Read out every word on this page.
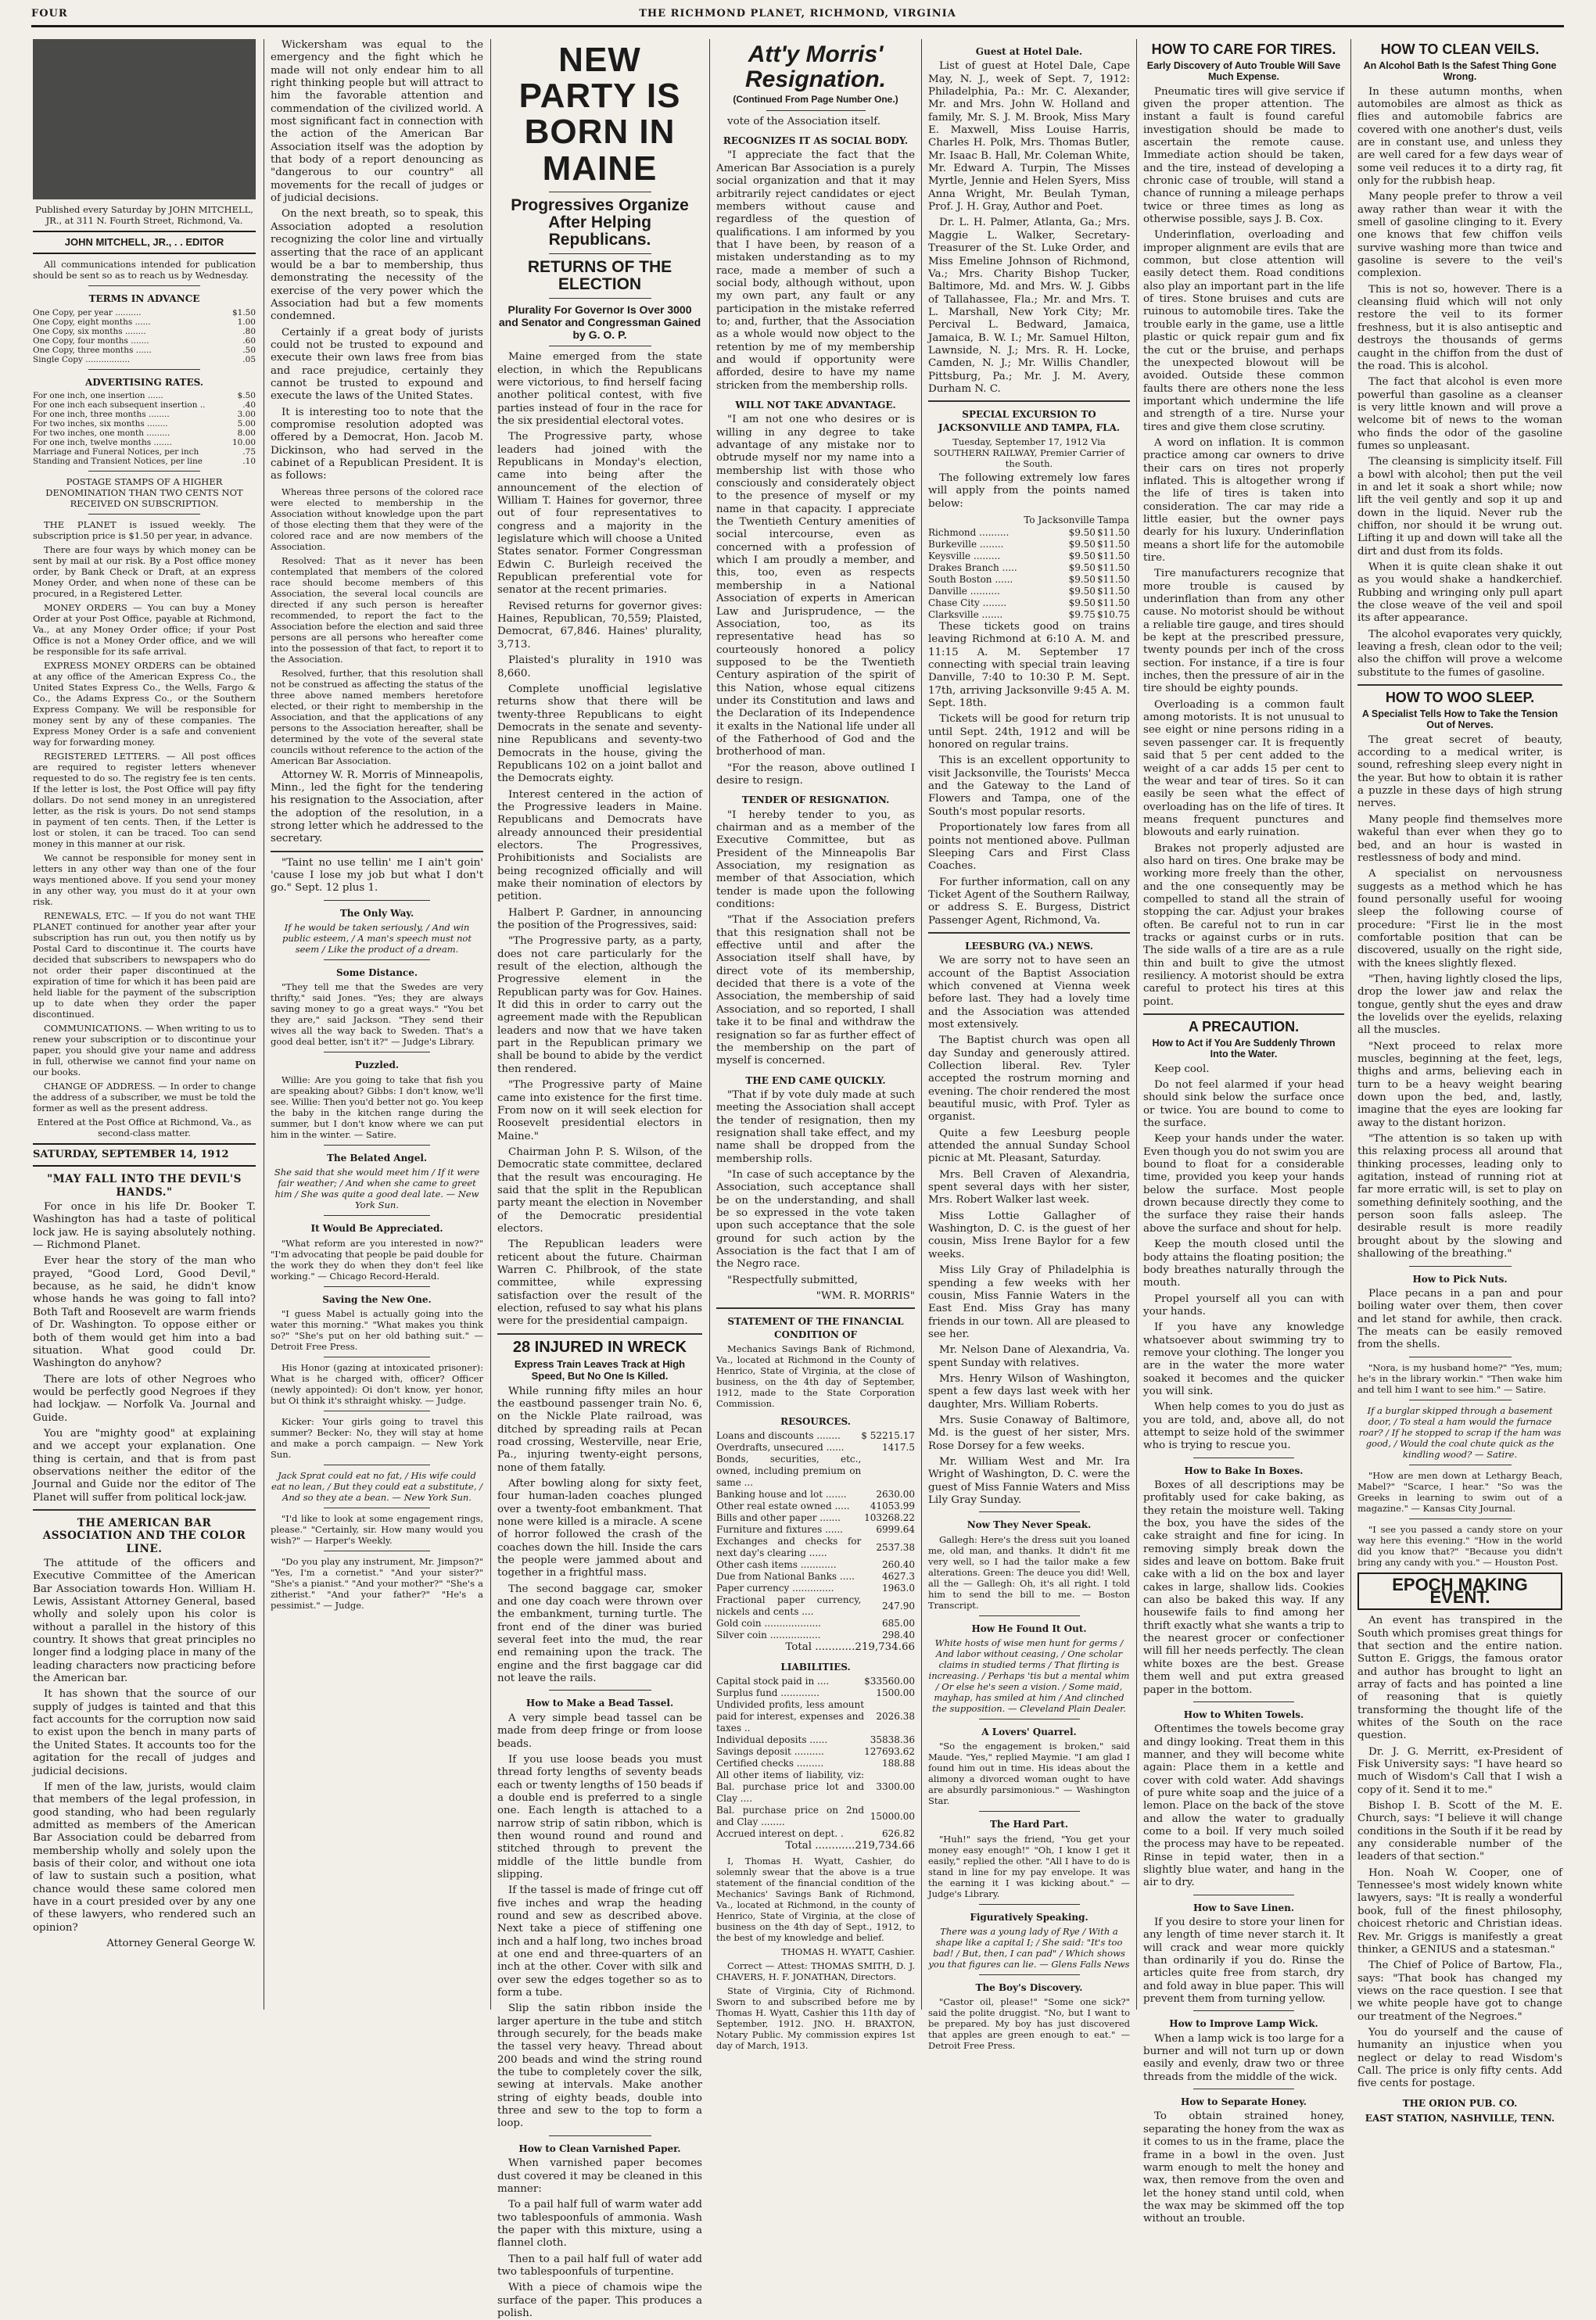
FOUR	THE RICHMOND PLANET, RICHMOND, VIRGINIA

Published every Saturday by JOHN MITCHELL, JR., at 311 N. Fourth Street, Richmond, Va.

JOHN MITCHELL, JR., . . EDITOR

All communications intended for publication should be sent so as to reach us by Wednesday.

TERMS IN ADVANCE
One Copy, per year ..........	$1.50
One Copy, eight months ......	1.00
One Copy, six months ........	.80
One Copy, four months .......	.60
One Copy, three months ......	.50
Single Copy .................	.05
ADVERTISING RATES.
For one inch, one insertion ......	$.50
For one inch each subsequent insertion ..	.40
For one inch, three months ........	3.00
For two inches, six months ........	5.00
For two inches, one month .........	8.00
For one inch, twelve months .......	10.00
Marriage and Funeral Notices, per inch	.75
Standing and Transient Notices, per line	.10

POSTAGE STAMPS OF A HIGHER DENOMINATION THAN TWO CENTS NOT RECEIVED ON SUBSCRIPTION.

THE PLANET is issued weekly. The subscription price is $1.50 per year, in advance.

There are four ways by which money can be sent by mail at our risk. By a Post office money order, by Bank Check or Draft, at an express Money Order, and when none of these can be procured, in a Registered Letter.

MONEY ORDERS — You can buy a Money Order at your Post Office, payable at Richmond, Va., at any Money Order office; if your Post Office is not a Money Order office, and we will be responsible for its safe arrival.

EXPRESS MONEY ORDERS can be obtained at any office of the American Express Co., the United States Express Co., the Wells, Fargo & Co., the Adams Express Co., or the Southern Express Company. We will be responsible for money sent by any of these companies. The Express Money Order is a safe and convenient way for forwarding money.

REGISTERED LETTERS. — All post offices are required to register letters whenever requested to do so. The registry fee is ten cents. If the letter is lost, the Post Office will pay fifty dollars. Do not send money in an unregistered letter, as the risk is yours. Do not send stamps in payment of ten cents. Then, if the Letter is lost or stolen, it can be traced. Too can send money in this manner at our risk.

We cannot be responsible for money sent in letters in any other way than one of the four ways mentioned above. If you send your money in any other way, you must do it at your own risk.

RENEWALS, ETC. — If you do not want THE PLANET continued for another year after your subscription has run out, you then notify us by Postal Card to discontinue it. The courts have decided that subscribers to newspapers who do not order their paper discontinued at the expiration of time for which it has been paid are held liable for the payment of the subscription up to date when they order the paper discontinued.

COMMUNICATIONS. — When writing to us to renew your subscription or to discontinue your paper, you should give your name and address in full, otherwise we cannot find your name on our books.

CHANGE OF ADDRESS. — In order to change the address of a subscriber, we must be told the former as well as the present address.

Entered at the Post Office at Richmond, Va., as second-class matter.

SATURDAY, SEPTEMBER 14, 1912
"MAY FALL INTO THE DEVIL'S HANDS."

For once in his life Dr. Booker T. Washington has had a taste of political lock jaw. He is saying absolutely nothing. — Richmond Planet.

Ever hear the story of the man who prayed, "Good Lord, Good Devil," because, as he said, he didn't know whose hands he was going to fall into? Both Taft and Roosevelt are warm friends of Dr. Washington. To oppose either or both of them would get him into a bad situation. What good could Dr. Washington do anyhow?

There are lots of other Negroes who would be perfectly good Negroes if they had lockjaw. — Norfolk Va. Journal and Guide.

You are "mighty good" at explaining and we accept your explanation. One thing is certain, and that is from past observations neither the editor of the Journal and Guide nor the editor of The Planet will suffer from political lock-jaw.

THE AMERICAN BAR ASSOCIATION AND THE COLOR LINE.

The attitude of the officers and Executive Committee of the American Bar Association towards Hon. William H. Lewis, Assistant Attorney General, based wholly and solely upon his color is without a parallel in the history of this country. It shows that great principles no longer find a lodging place in many of the leading characters now practicing before the American bar.

It has shown that the source of our supply of judges is tainted and that this fact accounts for the corruption now said to exist upon the bench in many parts of the United States. It accounts too for the agitation for the recall of judges and judicial decisions.

If men of the law, jurists, would claim that members of the legal profession, in good standing, who had been regularly admitted as members of the American Bar Association could be debarred from membership wholly and solely upon the basis of their color, and without one iota of law to sustain such a position, what chance would these same colored men have in a court presided over by any one of these lawyers, who rendered such an opinion?

Attorney General George W.

Wickersham was equal to the emergency and the fight which he made will not only endear him to all right thinking people but will attract to him the favorable attention and commendation of the civilized world. A most significant fact in connection with the action of the American Bar Association itself was the adoption by that body of a report denouncing as "dangerous to our country" all movements for the recall of judges or of judicial decisions.

On the next breath, so to speak, this Association adopted a resolution recognizing the color line and virtually asserting that the race of an applicant would be a bar to membership, thus demonstrating the necessity of the exercise of the very power which the Association had but a few moments condemned.

Certainly if a great body of jurists could not be trusted to expound and execute their own laws free from bias and race prejudice, certainly they cannot be trusted to expound and execute the laws of the United States.

It is interesting too to note that the compromise resolution adopted was offered by a Democrat, Hon. Jacob M. Dickinson, who had served in the cabinet of a Republican President. It is as follows:

Whereas three persons of the colored race were elected to membership in the Association without knowledge upon the part of those electing them that they were of the colored race and are now members of the Association.

Resolved: That as it never has been contemplated that members of the colored race should become members of this Association, the several local councils are directed if any such person is hereafter recommended, to report the fact to the Association before the election and said three persons are all persons who hereafter come into the possession of that fact, to report it to the Association.

Resolved, further, that this resolution shall not be construed as affecting the status of the three above named members heretofore elected, or their right to membership in the Association, and that the applications of any persons to the Association hereafter, shall be determined by the vote of the several state councils without reference to the action of the American Bar Association.

Attorney W. R. Morris of Minneapolis, Minn., led the fight for the tendering his resignation to the Association, after the adoption of the resolution, in a strong letter which he addressed to the secretary.

"Taint no use tellin' me I ain't goin' 'cause I lose my job but what I don't go." Sept. 12 plus 1.

The Only Way.

If he would be taken seriously, / And win public esteem, / A man's speech must not seem / Like the product of a dream.

Some Distance.

"They tell me that the Swedes are very thrifty," said Jones. "Yes; they are always saving money to go a great ways." "You bet they are," said Jackson. "They send their wives all the way back to Sweden. That's a good deal better, isn't it?" — Judge's Library.

Puzzled.

Willie: Are you going to take that fish you are speaking about? Gibbs: I don't know, we'll see. Willie: Then you'd better not go. You keep the baby in the kitchen range during the summer, but I don't know where we can put him in the winter. — Satire.

The Belated Angel.

She said that she would meet him / If it were fair weather; / And when she came to greet him / She was quite a good deal late. — New York Sun.

It Would Be Appreciated.

"What reform are you interested in now?" "I'm advocating that people be paid double for the work they do when they don't feel like working." — Chicago Record-Herald.

Saving the New One.

"I guess Mabel is actually going into the water this morning." "What makes you think so?" "She's put on her old bathing suit." — Detroit Free Press.

His Honor (gazing at intoxicated prisoner): What is he charged with, officer? Officer (newly appointed): Oi don't know, yer honor, but Oi think it's sthraight whisky. — Judge.

Kicker: Your girls going to travel this summer? Becker: No, they will stay at home and make a porch campaign. — New York Sun.

Jack Sprat could eat no fat, / His wife could eat no lean, / But they could eat a substitute, / And so they ate a bean. — New York Sun.

"I'd like to look at some engagement rings, please." "Certainly, sir. How many would you wish?" — Harper's Weekly.

"Do you play any instrument, Mr. Jimpson?" "Yes, I'm a cornetist." "And your sister?" "She's a pianist." "And your mother?" "She's a zitherist." "And your father?" "He's a pessimist." — Judge.

NEW PARTY IS BORN IN MAINE
Progressives Organize After Helping Republicans.
RETURNS OF THE ELECTION
Plurality For Governor Is Over 3000 and Senator and Congressman Gained by G. O. P.

Maine emerged from the state election, in which the Republicans were victorious, to find herself facing another political contest, with five parties instead of four in the race for the six presidential electoral votes.

The Progressive party, whose leaders had joined with the Republicans in Monday's election, came into being after the announcement of the election of William T. Haines for governor, three out of four representatives to congress and a majority in the legislature which will choose a United States senator. Former Congressman Edwin C. Burleigh received the Republican preferential vote for senator at the recent primaries.

Revised returns for governor gives: Haines, Republican, 70,559; Plaisted, Democrat, 67,846. Haines' plurality, 3,713.

Plaisted's plurality in 1910 was 8,660.

Complete unofficial legislative returns show that there will be twenty-three Republicans to eight Democrats in the senate and seventy-nine Republicans and seventy-two Democrats in the house, giving the Republicans 102 on a joint ballot and the Democrats eighty.

Interest centered in the action of the Progressive leaders in Maine. Republicans and Democrats have already announced their presidential electors. The Progressives, Prohibitionists and Socialists are being recognized officially and will make their nomination of electors by petition.

Halbert P. Gardner, in announcing the position of the Progressives, said:

"The Progressive party, as a party, does not care particularly for the result of the election, although the Progressive element in the Republican party was for Gov. Haines. It did this in order to carry out the agreement made with the Republican leaders and now that we have taken part in the Republican primary we shall be bound to abide by the verdict then rendered.

"The Progressive party of Maine came into existence for the first time. From now on it will seek election for Roosevelt presidential electors in Maine."

Chairman John P. S. Wilson, of the Democratic state committee, declared that the result was encouraging. He said that the split in the Republican party meant the election in November of the Democratic presidential electors.

The Republican leaders were reticent about the future. Chairman Warren C. Philbrook, of the state committee, while expressing satisfaction over the result of the election, refused to say what his plans were for the presidential campaign.

28 INJURED IN WRECK
Express Train Leaves Track at High Speed, But No One Is Killed.

While running fifty miles an hour the eastbound passenger train No. 6, on the Nickle Plate railroad, was ditched by spreading rails at Pecan road crossing, Westerville, near Erie, Pa., injuring twenty-eight persons, none of them fatally.

After bowling along for sixty feet, four human-laden coaches plunged over a twenty-foot embankment. That none were killed is a miracle. A scene of horror followed the crash of the coaches down the hill. Inside the cars the people were jammed about and together in a frightful mass.

The second baggage car, smoker and one day coach were thrown over the embankment, turning turtle. The front end of the diner was buried several feet into the mud, the rear end remaining upon the track. The engine and the first baggage car did not leave the rails.

How to Make a Bead Tassel.

A very simple bead tassel can be made from deep fringe or from loose beads.

If you use loose beads you must thread forty lengths of seventy beads each or twenty lengths of 150 beads if a double end is preferred to a single one. Each length is attached to a narrow strip of satin ribbon, which is then wound round and round and stitched through to prevent the middle of the little bundle from slipping.

If the tassel is made of fringe cut off five inches and wrap the heading round and sew as described above. Next take a piece of stiffening one inch and a half long, two inches broad at one end and three-quarters of an inch at the other. Cover with silk and over sew the edges together so as to form a tube.

Slip the satin ribbon inside the larger aperture in the tube and stitch through securely, for the beads make the tassel very heavy. Thread about 200 beads and wind the string round the tube to completely cover the silk, sewing at intervals. Make another string of eighty beads, double into three and sew to the top to form a loop.

How to Clean Varnished Paper.

When varnished paper becomes dust covered it may be cleaned in this manner:

To a pail half full of warm water add two tablespoonfuls of ammonia. Wash the paper with this mixture, using a flannel cloth.

Then to a pail half full of water add two tablespoonfuls of turpentine.

With a piece of chamois wipe the surface of the paper. This produces a polish.

Att'y Morris' Resignation.
(Continued From Page Number One.)

vote of the Association itself.

RECOGNIZES IT AS SOCIAL BODY.

"I appreciate the fact that the American Bar Association is a purely social organization and that it may arbitrarily reject candidates or eject members without cause and regardless of the question of qualifications. I am informed by you that I have been, by reason of a mistaken understanding as to my race, made a member of such a social body, although without, upon my own part, any fault or any participation in the mistake referred to; and, further, that the Association as a whole would now object to the retention by me of my membership and would if opportunity were afforded, desire to have my name stricken from the membership rolls.

WILL NOT TAKE ADVANTAGE.

"I am not one who desires or is willing in any degree to take advantage of any mistake nor to obtrude myself nor my name into a membership list with those who consciously and considerately object to the presence of myself or my name in that capacity. I appreciate the Twentieth Century amenities of social intercourse, even as concerned with a profession of which I am proudly a member, and this, too, even as respects membership in a National Association of experts in American Law and Jurisprudence, — the Association, too, as its representative head has so courteously honored a policy supposed to be the Twentieth Century aspiration of the spirit of this Nation, whose equal citizens under its Constitution and laws and the Declaration of its Independence it exalts in the National life under all of the Fatherhood of God and the brotherhood of man.

"For the reason, above outlined I desire to resign.

TENDER OF RESIGNATION.

"I hereby tender to you, as chairman and as a member of the Executive Committee, but as President of the Minneapolis Bar Association, my resignation as member of that Association, which tender is made upon the following conditions:

"That if the Association prefers that this resignation shall not be effective until and after the Association itself shall have, by direct vote of its membership, decided that there is a vote of the Association, the membership of said Association, and so reported, I shall take it to be final and withdraw the resignation so far as further effect of the membership on the part of myself is concerned.

THE END CAME QUICKLY.

"That if by vote duly made at such meeting the Association shall accept the tender of resignation, then my resignation shall take effect, and my name shall be dropped from the membership rolls.

"In case of such acceptance by the Association, such acceptance shall be on the understanding, and shall be so expressed in the vote taken upon such acceptance that the sole ground for such action by the Association is the fact that I am of the Negro race.

"Respectfully submitted,

"WM. R. MORRIS"

STATEMENT OF THE FINANCIAL CONDITION OF

Mechanics Savings Bank of Richmond, Va., located at Richmond in the County of Henrico, State of Virginia, at the close of business, on the 4th day of September, 1912, made to the State Corporation Commission.

RESOURCES.
Loans and discounts ........	$ 52215.17
Overdrafts, unsecured ......	1417.5
Bonds, securities, etc., owned, including premium on same ...	
Banking house and lot .......	2630.00
Other real estate owned .....	41053.99
Bills and other paper .......	103268.22
Furniture and fixtures ......	6999.64
Exchanges and checks for next day's clearing ......	2537.38
Other cash items ............	260.40
Due from National Banks .....	4627.3
Paper currency ..............	1963.0
Fractional paper currency, nickels and cents ....	247.90
Gold coin ...................	685.00
Silver coin .................	298.40

Total ............219,734.66

LIABILITIES.
Capital stock paid in ....	$33560.00
Surplus fund .............	1500.00
Undivided profits, less amount paid for interest, expenses and taxes ..	2026.38
Individual deposits ......	35838.36
Savings deposit ..........	127693.62
Certified checks .........	188.88
All other items of liability, viz: Bal. purchase price lot and Clay ....	3300.00
Bal. purchase price on 2nd and Clay ........	15000.00
Accrued interest on dept. .	626.82

Total ............219,734.66

I, Thomas H. Wyatt, Cashier, do solemnly swear that the above is a true statement of the financial condition of the Mechanics' Savings Bank of Richmond, Va., located at Richmond, in the county of Henrico, State of Virginia, at the close of business on the 4th day of Sept., 1912, to the best of my knowledge and belief.

THOMAS H. WYATT, Cashier.

Correct — Attest: THOMAS SMITH, D. J. CHAVERS, H. F. JONATHAN, Directors.

State of Virginia, City of Richmond. Sworn to and subscribed before me by Thomas H. Wyatt, Cashier this 11th day of September, 1912. JNO. H. BRAXTON, Notary Public. My commission expires 1st day of March, 1913.

Guest at Hotel Dale.

List of guest at Hotel Dale, Cape May, N. J., week of Sept. 7, 1912: Philadelphia, Pa.: Mr. C. Alexander, Mr. and Mrs. John W. Holland and family, Mr. S. J. M. Brook, Miss Mary E. Maxwell, Miss Louise Harris, Charles H. Polk, Mrs. Thomas Butler, Mr. Isaac B. Hall, Mr. Coleman White, Mr. Edward A. Turpin, The Misses Myrtle, Jennie and Helen Syers, Miss Anna Wright, Mr. Beulah Tyman, Prof. J. H. Gray, Author and Poet.

Dr. L. H. Palmer, Atlanta, Ga.; Mrs. Maggie L. Walker, Secretary-Treasurer of the St. Luke Order, and Miss Emeline Johnson of Richmond, Va.; Mrs. Charity Bishop Tucker, Baltimore, Md. and Mrs. W. J. Gibbs of Tallahassee, Fla.; Mr. and Mrs. T. L. Marshall, New York City; Mr. Percival L. Bedward, Jamaica, Jamaica, B. W. I.; Mr. Samuel Hilton, Lawnside, N. J.; Mrs. R. H. Locke, Camden, N. J.; Mr. Willis Chandler, Pittsburg, Pa.; Mr. J. M. Avery, Durham N. C.

SPECIAL EXCURSION TO JACKSONVILLE AND TAMPA, FLA.

Tuesday, September 17, 1912 Via SOUTHERN RAILWAY, Premier Carrier of the South.

The following extremely low fares will apply from the points named below:

	To Jacksonville	Tampa
Richmond ..........	$9.50	$11.50
Burkeville ........	$9.50	$11.50
Keysville .........	$9.50	$11.50
Drakes Branch .....	$9.50	$11.50
South Boston ......	$9.50	$11.50
Danville ..........	$9.50	$11.50
Chase City ........	$9.50	$11.50
Clarksville .......	$9.75	$10.75

These tickets good on trains leaving Richmond at 6:10 A. M. and 11:15 A. M. September 17 connecting with special train leaving Danville, 7:40 to 10:30 P. M. Sept. 17th, arriving Jacksonville 9:45 A. M. Sept. 18th.

Tickets will be good for return trip until Sept. 24th, 1912 and will be honored on regular trains.

This is an excellent opportunity to visit Jacksonville, the Tourists' Mecca and the Gateway to the Land of Flowers and Tampa, one of the South's most popular resorts.

Proportionately low fares from all points not mentioned above. Pullman Sleeping Cars and First Class Coaches.

For further information, call on any Ticket Agent of the Southern Railway, or address S. E. Burgess, District Passenger Agent, Richmond, Va.

LEESBURG (VA.) NEWS.

We are sorry not to have seen an account of the Baptist Association which convened at Vienna week before last. They had a lovely time and the Association was attended most extensively.

The Baptist church was open all day Sunday and generously attired. Collection liberal. Rev. Tyler accepted the rostrum morning and evening. The choir rendered the most beautiful music, with Prof. Tyler as organist.

Quite a few Leesburg people attended the annual Sunday School picnic at Mt. Pleasant, Saturday.

Mrs. Bell Craven of Alexandria, spent several days with her sister, Mrs. Robert Walker last week.

Miss Lottie Gallagher of Washington, D. C. is the guest of her cousin, Miss Irene Baylor for a few weeks.

Miss Lily Gray of Philadelphia is spending a few weeks with her cousin, Miss Fannie Waters in the East End. Miss Gray has many friends in our town. All are pleased to see her.

Mr. Nelson Dane of Alexandria, Va. spent Sunday with relatives.

Mrs. Henry Wilson of Washington, spent a few days last week with her daughter, Mrs. William Roberts.

Mrs. Susie Conaway of Baltimore, Md. is the guest of her sister, Mrs. Rose Dorsey for a few weeks.

Mr. William West and Mr. Ira Wright of Washington, D. C. were the guest of Miss Fannie Waters and Miss Lily Gray Sunday.

Now They Never Speak.

Gallegh: Here's the dress suit you loaned me, old man, and thanks. It didn't fit me very well, so I had the tailor make a few alterations. Green: The deuce you did! Well, all the — Gallegh: Oh, it's all right. I told him to send the bill to me. — Boston Transcript.

How He Found It Out.

White hosts of wise men hunt for germs / And labor without ceasing, / One scholar claims in studied terms / That flirting is increasing. / Perhaps 'tis but a mental whim / Or else he's seen a vision. / Some maid, mayhap, has smiled at him / And clinched the supposition. — Cleveland Plain Dealer.

A Lovers' Quarrel.

"So the engagement is broken," said Maude. "Yes," replied Maymie. "I am glad I found him out in time. His ideas about the alimony a divorced woman ought to have are absurdly parsimonious." — Washington Star.

The Hard Part.

"Huh!" says the friend, "You get your money easy enough!" "Oh, I know I get it easily," replied the other. "All I have to do is stand in line for my pay envelope. It was the earning it I was kicking about." — Judge's Library.

Figuratively Speaking.

There was a young lady of Rye / With a shape like a capital I; / She said: "It's too bad! / But, then, I can pad" / Which shows you that figures can lie. — Glens Falls News

The Boy's Discovery.

"Castor oil, please!" "Some one sick?" said the polite druggist. "No, but I want to be prepared. My boy has just discovered that apples are green enough to eat." — Detroit Free Press.

HOW TO CARE FOR TIRES.
Early Discovery of Auto Trouble Will Save Much Expense.

Pneumatic tires will give service if given the proper attention. The instant a fault is found careful investigation should be made to ascertain the remote cause. Immediate action should be taken, and the tire, instead of developing a chronic case of trouble, will stand a chance of running a mileage perhaps twice or three times as long as otherwise possible, says J. B. Cox.

Underinflation, overloading and improper alignment are evils that are common, but close attention will easily detect them. Road conditions also play an important part in the life of tires. Stone bruises and cuts are ruinous to automobile tires. Take the trouble early in the game, use a little plastic or quick repair gum and fix the cut or the bruise, and perhaps the unexpected blowout will be avoided. Outside these common faults there are others none the less important which undermine the life and strength of a tire. Nurse your tires and give them close scrutiny.

A word on inflation. It is common practice among car owners to drive their cars on tires not properly inflated. This is altogether wrong if the life of tires is taken into consideration. The car may ride a little easier, but the owner pays dearly for his luxury. Underinflation means a short life for the automobile tire.

Tire manufacturers recognize that more trouble is caused by underinflation than from any other cause. No motorist should be without a reliable tire gauge, and tires should be kept at the prescribed pressure, twenty pounds per inch of the cross section. For instance, if a tire is four inches, then the pressure of air in the tire should be eighty pounds.

Overloading is a common fault among motorists. It is not unusual to see eight or nine persons riding in a seven passenger car. It is frequently said that 5 per cent added to the weight of a car adds 15 per cent to the wear and tear of tires. So it can easily be seen what the effect of overloading has on the life of tires. It means frequent punctures and blowouts and early ruination.

Brakes not properly adjusted are also hard on tires. One brake may be working more freely than the other, and the one consequently may be compelled to stand all the strain of stopping the car. Adjust your brakes often. Be careful not to run in car tracks or against curbs or in ruts. The side walls of a tire are as a rule thin and built to give the utmost resiliency. A motorist should be extra careful to protect his tires at this point.

A PRECAUTION.
How to Act if You Are Suddenly Thrown Into the Water.

Keep cool.

Do not feel alarmed if your head should sink below the surface once or twice. You are bound to come to the surface.

Keep your hands under the water. Even though you do not swim you are bound to float for a considerable time, provided you keep your hands below the surface. Most people drown because directly they come to the surface they raise their hands above the surface and shout for help.

Keep the mouth closed until the body attains the floating position; the body breathes naturally through the mouth.

Propel yourself all you can with your hands.

If you have any knowledge whatsoever about swimming try to remove your clothing. The longer you are in the water the more water soaked it becomes and the quicker you will sink.

When help comes to you do just as you are told, and, above all, do not attempt to seize hold of the swimmer who is trying to rescue you.

How to Bake In Boxes.

Boxes of all descriptions may be profitably used for cake baking, as they retain the moisture well. Taking the box, you have the sides of the cake straight and fine for icing. In removing simply break down the sides and leave on bottom. Bake fruit cake with a lid on the box and layer cakes in large, shallow lids. Cookies can also be baked this way. If any housewife fails to find among her thrift exactly what she wants a trip to the nearest grocer or confectioner will fill her needs perfectly. The clean white boxes are the best. Grease them well and put extra greased paper in the bottom.

How to Whiten Towels.

Oftentimes the towels become gray and dingy looking. Treat them in this manner, and they will become white again: Place them in a kettle and cover with cold water. Add shavings of pure white soap and the juice of a lemon. Place on the back of the stove and allow the water to gradually come to a boil. If very much soiled the process may have to be repeated. Rinse in tepid water, then in a slightly blue water, and hang in the air to dry.

How to Save Linen.

If you desire to store your linen for any length of time never starch it. It will crack and wear more quickly than ordinarily if you do. Rinse the articles quite free from starch, dry and fold away in blue paper. This will prevent them from turning yellow.

How to Improve Lamp Wick.

When a lamp wick is too large for a burner and will not turn up or down easily and evenly, draw two or three threads from the middle of the wick.

How to Separate Honey.

To obtain strained honey, separating the honey from the wax as it comes to us in the frame, place the frame in a bowl in the oven. Just warm enough to melt the honey and wax, then remove from the oven and let the honey stand until cold, when the wax may be skimmed off the top without an trouble.

HOW TO CLEAN VEILS.
An Alcohol Bath Is the Safest Thing Gone Wrong.

In these autumn months, when automobiles are almost as thick as flies and automobile fabrics are covered with one another's dust, veils are in constant use, and unless they are well cared for a few days wear of some veil reduces it to a dirty rag, fit only for the rubbish heap.

Many people prefer to throw a veil away rather than wear it with the smell of gasoline clinging to it. Every one knows that few chiffon veils survive washing more than twice and gasoline is severe to the veil's complexion.

This is not so, however. There is a cleansing fluid which will not only restore the veil to its former freshness, but it is also antiseptic and destroys the thousands of germs caught in the chiffon from the dust of the road. This is alcohol.

The fact that alcohol is even more powerful than gasoline as a cleanser is very little known and will prove a welcome bit of news to the woman who finds the odor of the gasoline fumes so unpleasant.

The cleansing is simplicity itself. Fill a bowl with alcohol; then put the veil in and let it soak a short while; now lift the veil gently and sop it up and down in the liquid. Never rub the chiffon, nor should it be wrung out. Lifting it up and down will take all the dirt and dust from its folds.

When it is quite clean shake it out as you would shake a handkerchief. Rubbing and wringing only pull apart the close weave of the veil and spoil its after appearance.

The alcohol evaporates very quickly, leaving a fresh, clean odor to the veil; also the chiffon will prove a welcome substitute to the fumes of gasoline.

HOW TO WOO SLEEP.
A Specialist Tells How to Take the Tension Out of Nerves.

The great secret of beauty, according to a medical writer, is sound, refreshing sleep every night in the year. But how to obtain it is rather a puzzle in these days of high strung nerves.

Many people find themselves more wakeful than ever when they go to bed, and an hour is wasted in restlessness of body and mind.

A specialist on nervousness suggests as a method which he has found personally useful for wooing sleep the following course of procedure: "First lie in the most comfortable position that can be discovered, usually on the right side, with the knees slightly flexed.

"Then, having lightly closed the lips, drop the lower jaw and relax the tongue, gently shut the eyes and draw the lovelids over the eyelids, relaxing all the muscles.

"Next proceed to relax more muscles, beginning at the feet, legs, thighs and arms, believing each in turn to be a heavy weight bearing down upon the bed, and, lastly, imagine that the eyes are looking far away to the distant horizon.

"The attention is so taken up with this relaxing process all around that thinking processes, leading only to agitation, instead of running riot at far more erratic will, is set to play on something definitely soothing, and the person soon falls asleep. The desirable result is more readily brought about by the slowing and shallowing of the breathing."

How to Pick Nuts.

Place pecans in a pan and pour boiling water over them, then cover and let stand for awhile, then crack. The meats can be easily removed from the shells.

"Nora, is my husband home?" "Yes, mum; he's in the library workin." "Then wake him and tell him I want to see him." — Satire.

If a burglar skipped through a basement door, / To steal a ham would the furnace roar? / If he stopped to scrap if the ham was good, / Would the coal chute quick as the kindling wood? — Satire.

"How are men down at Lethargy Beach, Mabel?" "Scarce, I hear." "So was the Greeks in learning to swim out of a magazine." — Kansas City Journal.

"I see you passed a candy store on your way here this evening." "How in the world did you know that?" "Because you didn't bring any candy with you." — Houston Post.

EPOCH MAKING EVENT.

An event has transpired in the South which promises great things for that section and the entire nation. Sutton E. Griggs, the famous orator and author has brought to light an array of facts and has pointed a line of reasoning that is quietly transforming the thought life of the whites of the South on the race question.

Dr. J. G. Merritt, ex-President of Fisk University says: "I have heard so much of Wisdom's Call that I wish a copy of it. Send it to me."

Bishop I. B. Scott of the M. E. Church, says: "I believe it will change conditions in the South if it be read by any considerable number of the leaders of that section."

Hon. Noah W. Cooper, one of Tennessee's most widely known white lawyers, says: "It is really a wonderful book, full of the finest philosophy, choicest rhetoric and Christian ideas. Rev. Mr. Griggs is manifestly a great thinker, a GENIUS and a statesman."

The Chief of Police of Bartow, Fla., says: "That book has changed my views on the race question. I see that we white people have got to change our treatment of the Negroes."

You do yourself and the cause of humanity an injustice when you neglect or delay to read Wisdom's Call. The price is only fifty cents. Add five cents for postage.

THE ORION PUB. CO.
EAST STATION, NASHVILLE, TENN.
